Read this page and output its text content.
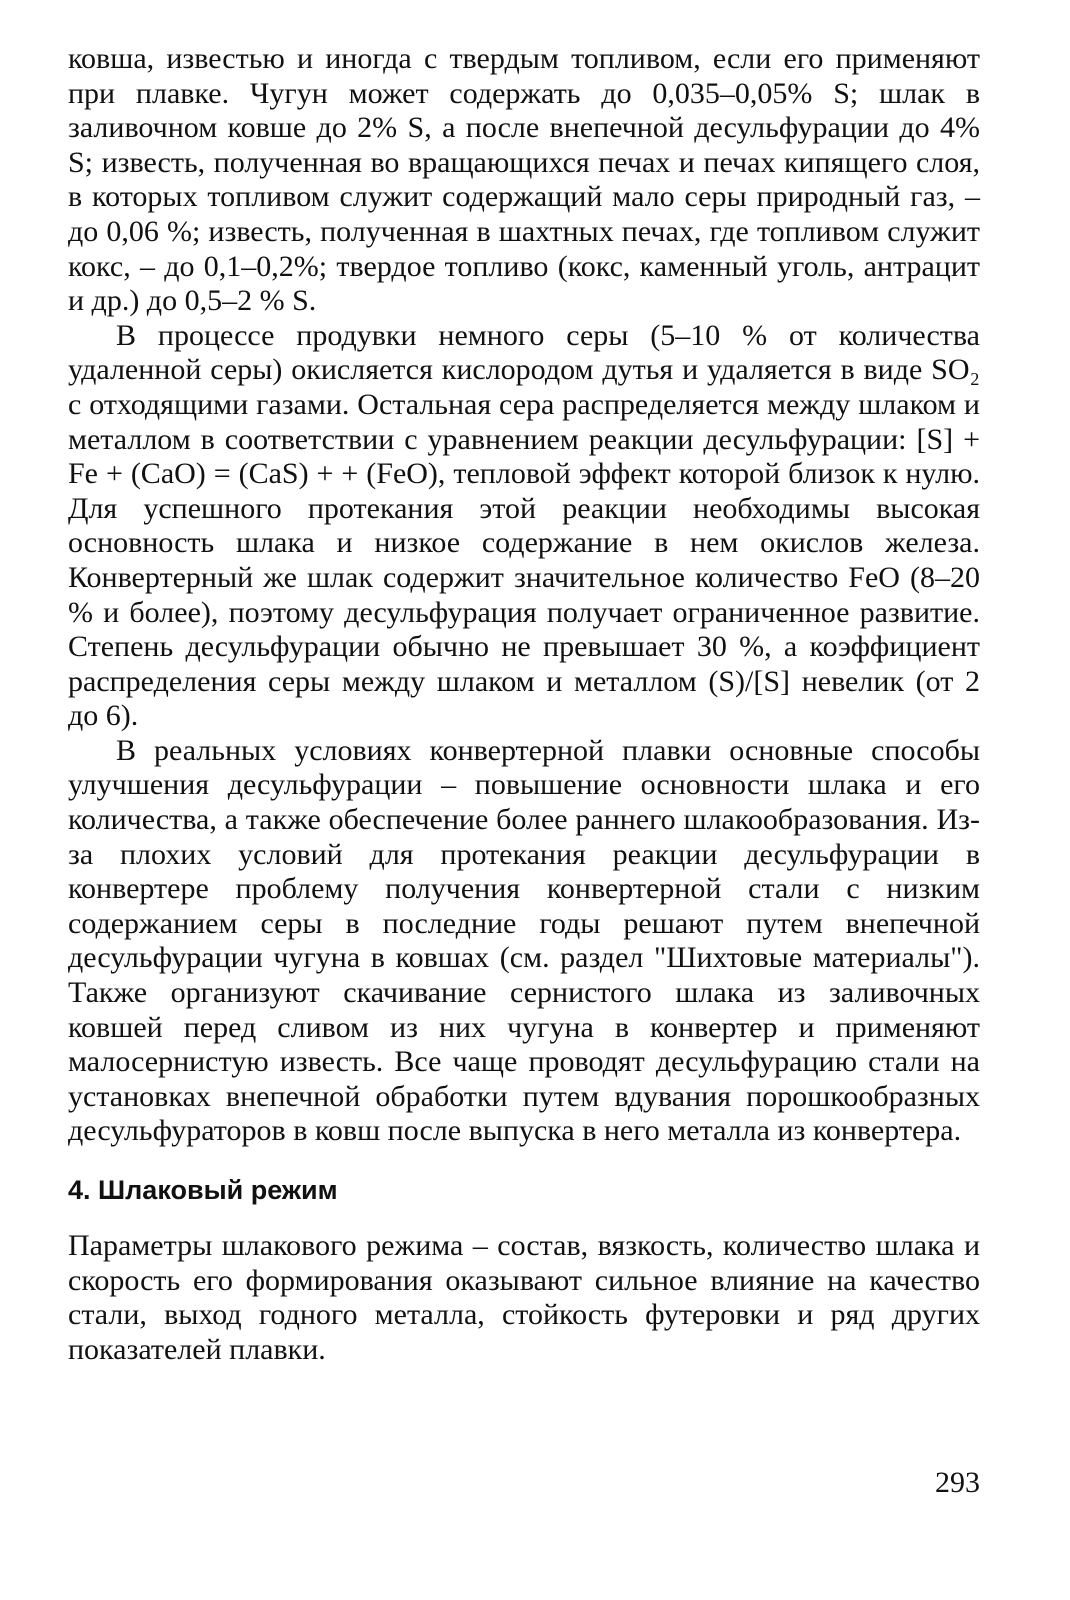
ковша, известью и иногда с твердым топливом, если его применяют при плавке. Чугун может содержать до 0,035–0,05% S; шлак в заливочном ковше до 2% S, а после внепечной десульфурации до 4% S; известь, полученная во вращающихся печах и печах кипящего слоя, в которых топливом служит содержащий мало серы природный газ, – до 0,06 %; известь, полученная в шахтных печах, где топливом служит кокс, – до 0,1–0,2%; твердое топливо (кокс, каменный уголь, антрацит и др.) до 0,5–2 % S.

В процессе продувки немного серы (5–10 % от количества удаленной серы) окисляется кислородом дутья и удаляется в виде SO₂ с отходящими газами. Остальная сера распределяется между шлаком и металлом в соответствии с уравнением реакции десульфурации: [S] + Fe + (CaO) = (CaS) + + (FeO), тепловой эффект которой близок к нулю. Для успешного протекания этой реакции необходимы высокая основность шлака и низкое содержание в нем окислов железа. Конвертерный же шлак содержит значительное количество FeO (8–20 % и более), поэтому десульфурация получает ограниченное развитие. Степень десульфурации обычно не превышает 30 %, а коэффициент распределения серы между шлаком и металлом (S)/[S] невелик (от 2 до 6).

В реальных условиях конвертерной плавки основные способы улучшения десульфурации – повышение основности шлака и его количества, а также обеспечение более раннего шлакообразования. Из-за плохих условий для протекания реакции десульфурации в конвертере проблему получения конвертерной стали с низким содержанием серы в последние годы решают путем внепечной десульфурации чугуна в ковшах (см. раздел "Шихтовые материалы"). Также организуют скачивание сернистого шлака из заливочных ковшей перед сливом из них чугуна в конвертер и применяют малосернистую известь. Все чаще проводят десульфурацию стали на установках внепечной обработки путем вдувания порошкообразных десульфураторов в ковш после выпуска в него металла из конвертера.

4. Шлаковый режим

Параметры шлакового режима – состав, вязкость, количество шлака и скорость его формирования оказывают сильное влияние на качество стали, выход годного металла, стойкость футеровки и ряд других показателей плавки.

293
